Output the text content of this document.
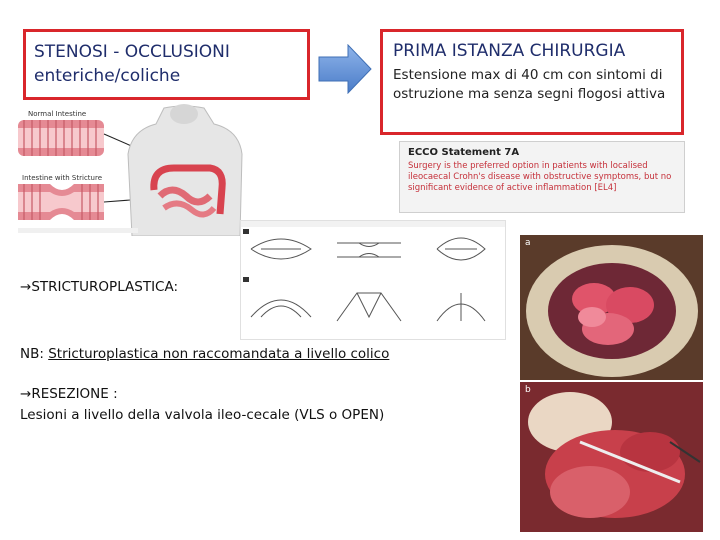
STENOSI - OCCLUSIONI
enteriche/coliche
PRIMA ISTANZA CHIRURGIA
Estensione max di 40 cm con sintomi di ostruzione ma senza segni flogosi attiva
Normal Intestine
Intestine with Stricture
ECCO Statement 7A
Surgery is the preferred option in patients with localised ileocaecal Crohn's disease with obstructive symptoms, but no significant evidence of active inflammation [EL4]
a
b
→STRICTUROPLASTICA:
NB: Stricturoplastica non raccomandata a livello colico
→RESEZIONE :
Lesioni a livello della valvola ileo-cecale (VLS o OPEN)
